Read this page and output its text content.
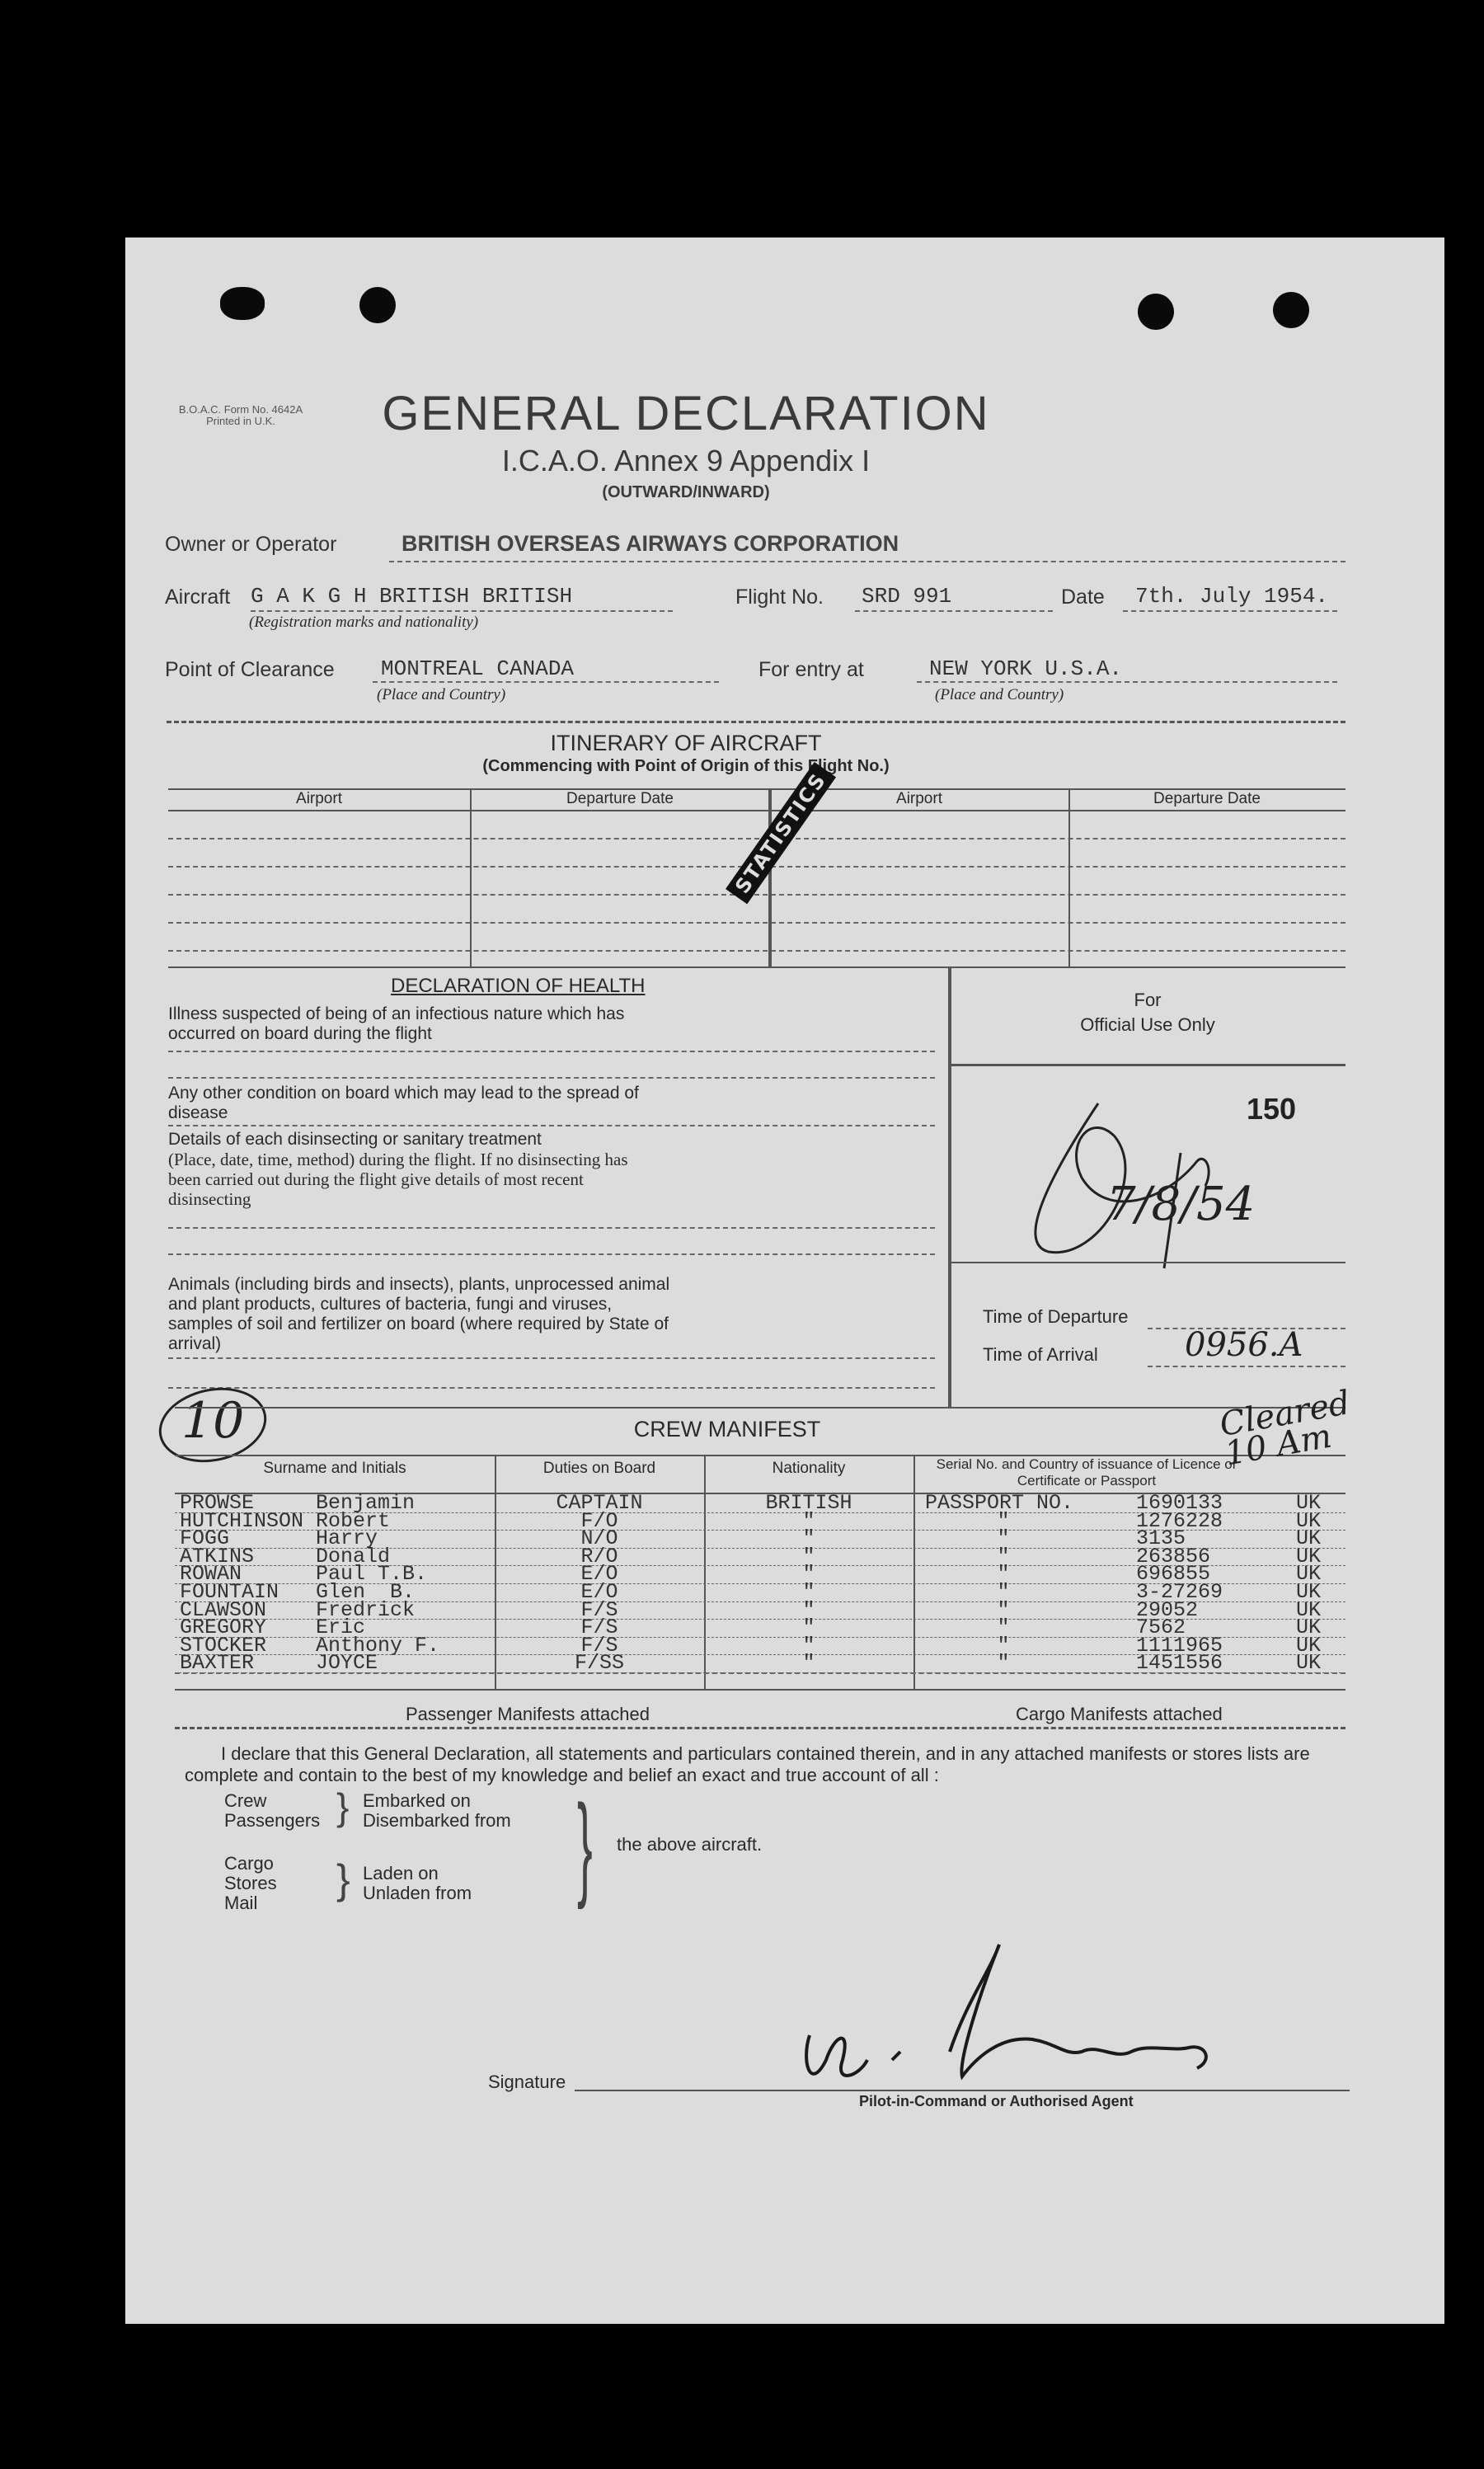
B.O.A.C. Form No. 4642A
Printed in U.K.	GENERAL DECLARATION
I.C.A.O. Annex 9 Appendix I
(OUTWARD/INWARD)
Owner or Operator	BRITISH OVERSEAS AIRWAYS CORPORATION
Aircraft G A K G H BRITISH BRITISH
(Registration marks and nationality)
Flight No. SRD 991	Date 7th. July 1954.
Point of Clearance MONTREAL CANADA
(Place and Country)
For entry at	NEW YORK U.S.A.
(Place and Country)
ITINERARY OF AIRCRAFT
(Commencing with Point of Origin of this Flight No.)
Airport	Departure Date	Airport	Departure Date
STATISTICS
DECLARATION OF HEALTH
Illness suspected of being of an infectious nature which has occurred on board during the flight
Any other condition on board which may lead to the spread of disease
Details of each disinsecting or sanitary treatment
(Place, date, time, method) during the flight. If no disinsecting has been carried out during the flight give details of most recent disinsecting
Animals (including birds and insects), plants, unprocessed animal and plant products, cultures of bacteria, fungi and viruses, samples of soil and fertilizer on board (where required by State of arrival)
For
Official Use Only
150
7/8/54
Time of Departure
Time of Arrival	0956.A
10	CREW MANIFEST
Surname and Initials	Duties on Board	Nationality	Serial No. and Country of issuance of Licence or Certificate or Passport
Cleared 10 Am
PROWSE     Benjamin	CAPTAIN	BRITISH	PASSPORT NO.	1690133	UK
HUTCHINSON Robert	F/O	"	"	1276228	UK
FOGG       Harry	N/O	"	"	3135	UK
ATKINS     Donald	R/O	"	"	263856	UK
ROWAN      Paul T.B.	E/O	"	"	696855	UK
FOUNTAIN   Glen  B.	E/O	"	"	3-27269	UK
CLAWSON    Fredrick	F/S	"	"	29052	UK
GREGORY    Eric	F/S	"	"	7562	UK
STOCKER    Anthony F.	F/S	"	"	1111965	UK
BAXTER     JOYCE	F/SS	"	"	1451556	UK
Passenger Manifests attached	Cargo Manifests attached
I declare that this General Declaration, all statements and particulars contained therein, and in any attached manifests or stores lists are complete and contain to the best of my knowledge and belief an exact and true account of all :
Crew
Passengers } Embarked on
Disembarked from
Cargo
Stores
Mail
} Laden on
Unladen from } the above aircraft.
Signature
Pilot-in-Command or Authorised Agent
